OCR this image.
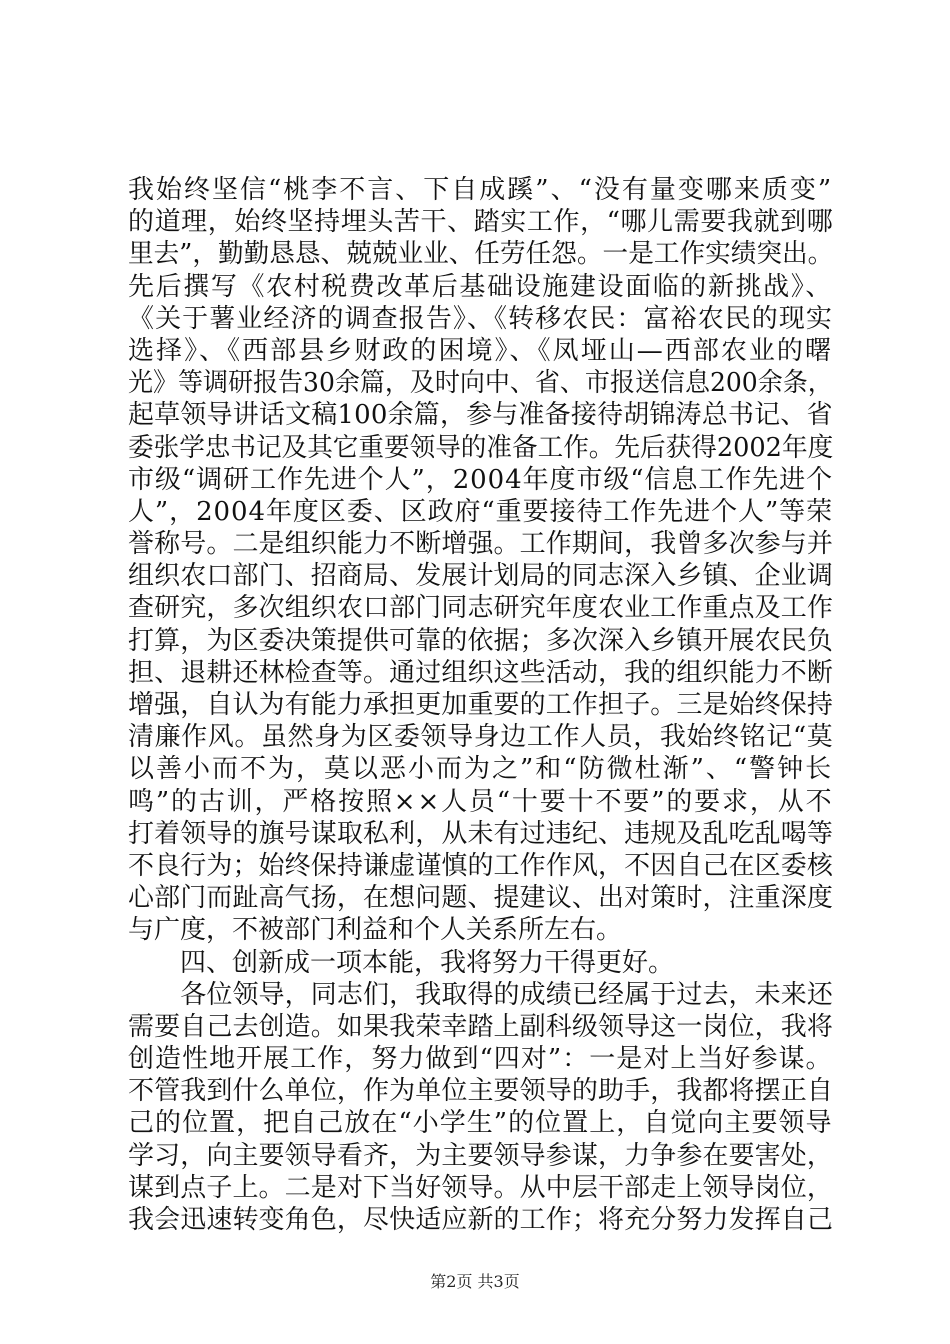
我始终坚信“桃李不言、下自成蹊”、“没有量变哪来质变”
的道理，始终坚持埋头苦干、踏实工作，“哪儿需要我就到哪
里去”，勤勤恳恳、兢兢业业、任劳任怨。一是工作实绩突出。
先后撰写《农村税费改革后基础设施建设面临的新挑战》、
《关于薯业经济的调查报告》、《转移农民：富裕农民的现实
选择》、《西部县乡财政的困境》、《凤垭山—西部农业的曙
光》等调研报告30余篇，及时向中、省、市报送信息200余条，
起草领导讲话文稿100余篇，参与准备接待胡锦涛总书记、省
委张学忠书记及其它重要领导的准备工作。先后获得2002年度
市级“调研工作先进个人”，2004年度市级“信息工作先进个
人”，2004年度区委、区政府“重要接待工作先进个人”等荣
誉称号。二是组织能力不断增强。工作期间，我曾多次参与并
组织农口部门、招商局、发展计划局的同志深入乡镇、企业调
查研究，多次组织农口部门同志研究年度农业工作重点及工作
打算，为区委决策提供可靠的依据；多次深入乡镇开展农民负
担、退耕还林检查等。通过组织这些活动，我的组织能力不断
增强，自认为有能力承担更加重要的工作担子。三是始终保持
清廉作风。虽然身为区委领导身边工作人员，我始终铭记“莫
以善小而不为，莫以恶小而为之”和“防微杜渐”、“警钟长
鸣”的古训，严格按照××人员“十要十不要”的要求，从不
打着领导的旗号谋取私利，从未有过违纪、违规及乱吃乱喝等
不良行为；始终保持谦虚谨慎的工作作风，不因自己在区委核
心部门而趾高气扬，在想问题、提建议、出对策时，注重深度
与广度，不被部门利益和个人关系所左右。
　　四、创新成一项本能，我将努力干得更好。
　　各位领导，同志们，我取得的成绩已经属于过去，未来还
需要自己去创造。如果我荣幸踏上副科级领导这一岗位，我将
创造性地开展工作，努力做到“四对”：一是对上当好参谋。
不管我到什么单位，作为单位主要领导的助手，我都将摆正自
己的位置，把自己放在“小学生”的位置上，自觉向主要领导
学习，向主要领导看齐，为主要领导参谋，力争参在要害处，
谋到点子上。二是对下当好领导。从中层干部走上领导岗位，
我会迅速转变角色，尽快适应新的工作；将充分努力发挥自己
第2页 共3页
